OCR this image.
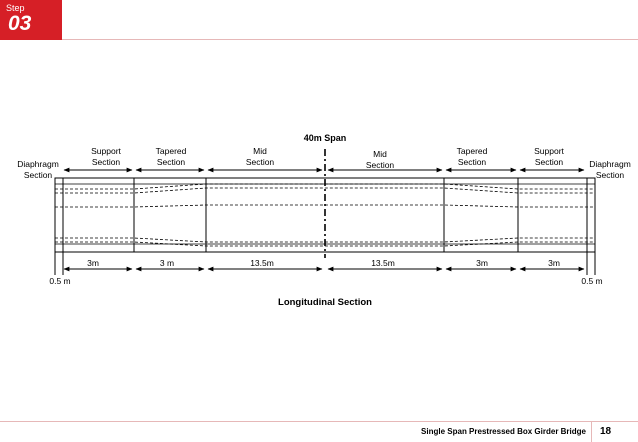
Step
03
40m Span
Diaphragm
Section
Support
Section
Tapered
Section
Mid
Section
Mid
Section
Tapered
Section
Support
Section	Diaphragm
Section
3m	3 m	13.5m	13.5m	3m	3m
0.5 m	0.5 m
Longitudinal Section
Single Span Prestressed Box Girder Bridge 18
